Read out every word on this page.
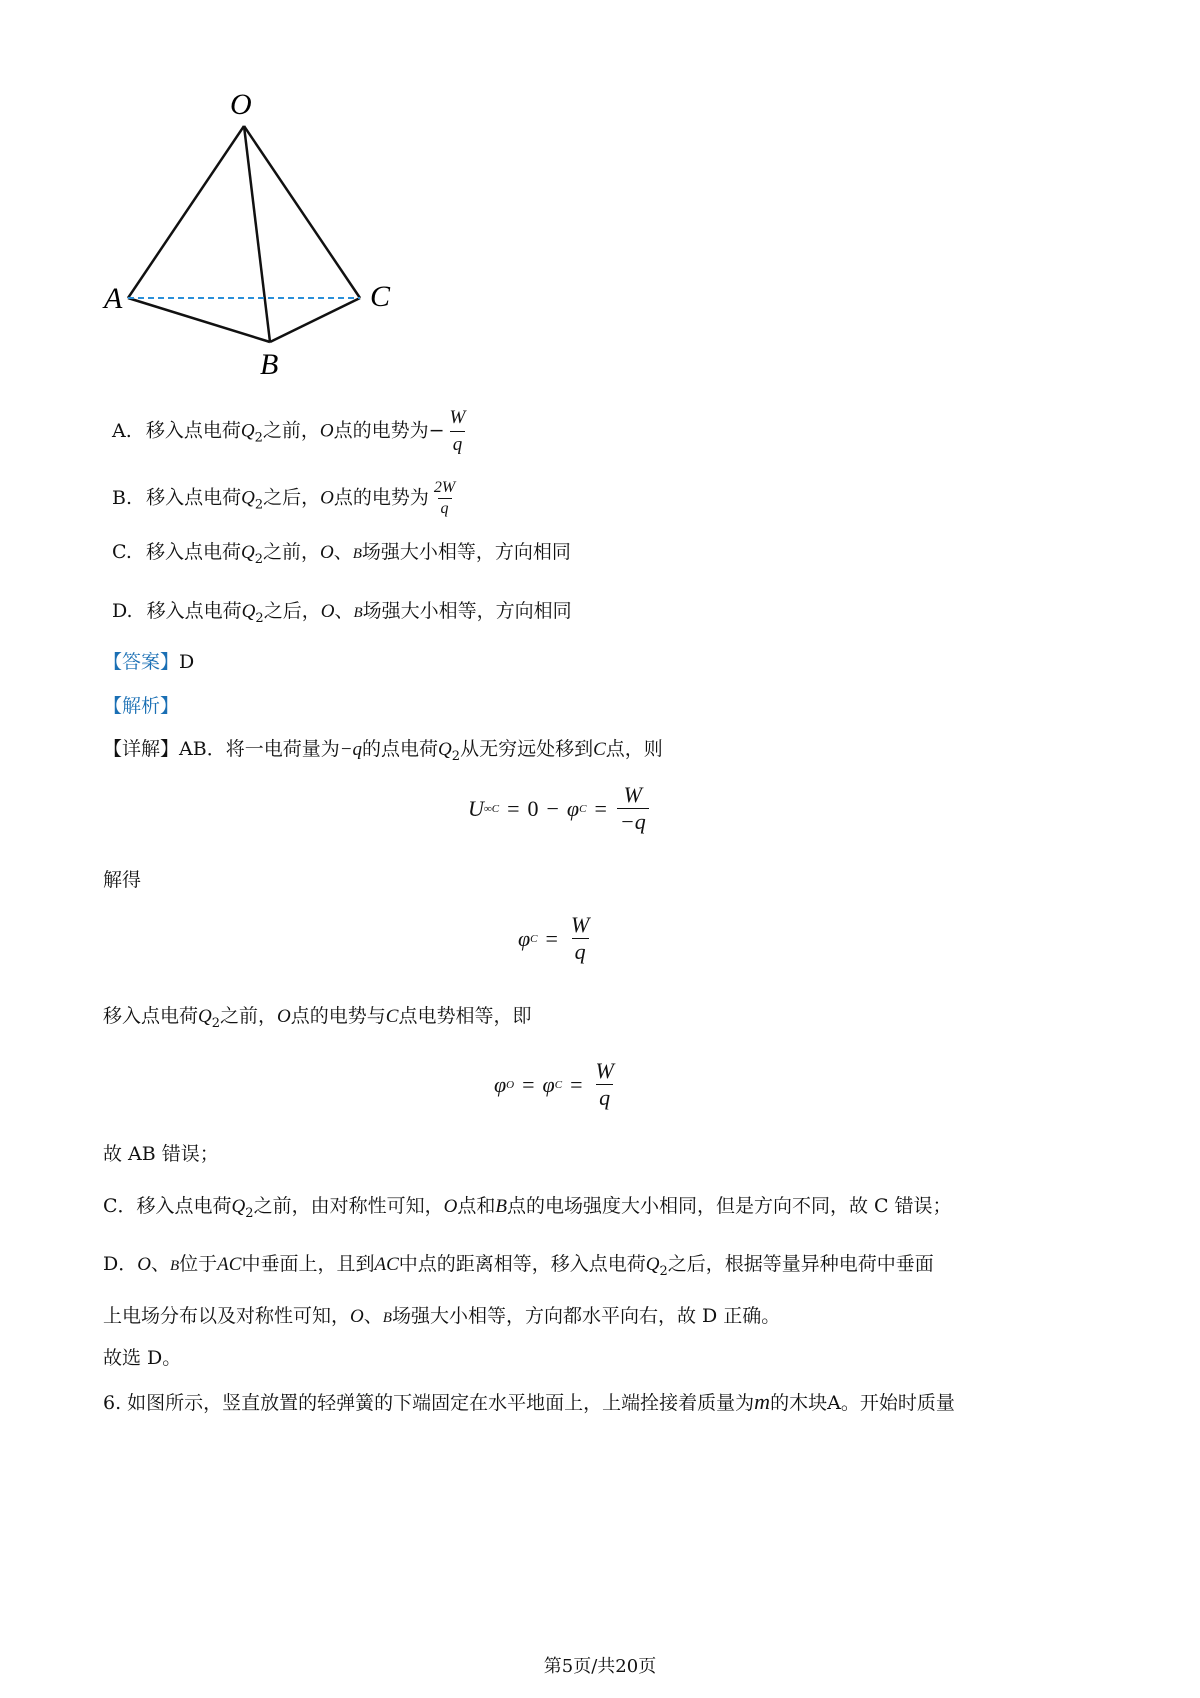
O
A	C
B
A. 移入点电荷$Q_2$之前，O点的电势为− $\frac{W}{q}$
B. 移入点电荷$Q_2$之后，O点的电势为 $\frac{2W}{q}$
C. 移入点电荷$Q_2$之前，O、B场强大小相等，方向相同
D. 移入点电荷$Q_2$之后，O、B场强大小相等，方向相同
【答案】D
【解析】
【详解】AB．将一电荷量为−q的点电荷$Q_2$从无穷远处移到C点，则
U ∞C = 0 − φ $C = \frac{W}{-q}$
解得
φ $C = \frac{W}{q}$
移入点电荷$Q_2$之前，O点的电势与C点电势相等，即
φ O = φ $C = \frac{W}{q}$
故 AB 错误；
C．移入点电荷$Q_2$之前，由对称性可知，O点和B点的电场强度大小相同，但是方向不同，故 C 错误；
D．O、B位于AC中垂面上，且到AC中点的距离相等，移入点电荷$Q_2$之后，根据等量异种电荷中垂面
上电场分布以及对称性可知，O、B场强大小相等，方向都水平向右，故 D 正确。
故选 D。
6. 如图所示，竖直放置的轻弹簧的下端固定在水平地面上，上端拴接着质量为m的木块A。开始时质量
第5页/共20页
